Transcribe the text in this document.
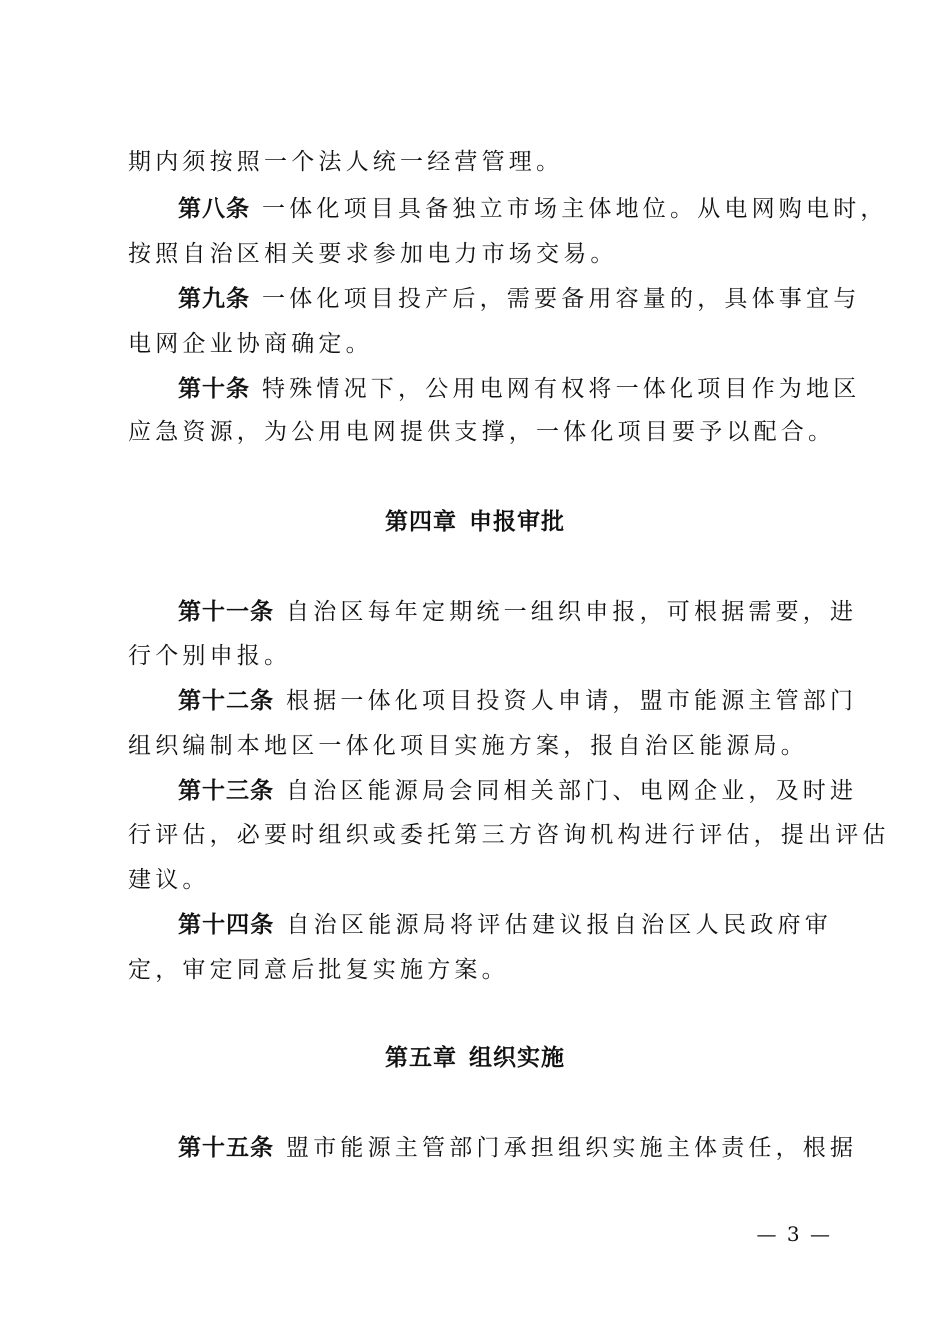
期内须按照一个法人统一经营管理。
第八条 一体化项目具备独立市场主体地位。从电网购电时，
按照自治区相关要求参加电力市场交易。
第九条 一体化项目投产后，需要备用容量的，具体事宜与
电网企业协商确定。
第十条 特殊情况下，公用电网有权将一体化项目作为地区
应急资源，为公用电网提供支撑，一体化项目要予以配合。
第四章 申报审批
第十一条 自治区每年定期统一组织申报，可根据需要，进
行个别申报。
第十二条 根据一体化项目投资人申请，盟市能源主管部门
组织编制本地区一体化项目实施方案，报自治区能源局。
第十三条 自治区能源局会同相关部门、电网企业，及时进
行评估，必要时组织或委托第三方咨询机构进行评估，提出评估
建议。
第十四条 自治区能源局将评估建议报自治区人民政府审
定，审定同意后批复实施方案。
第五章 组织实施
第十五条 盟市能源主管部门承担组织实施主体责任，根据
— 3 —
